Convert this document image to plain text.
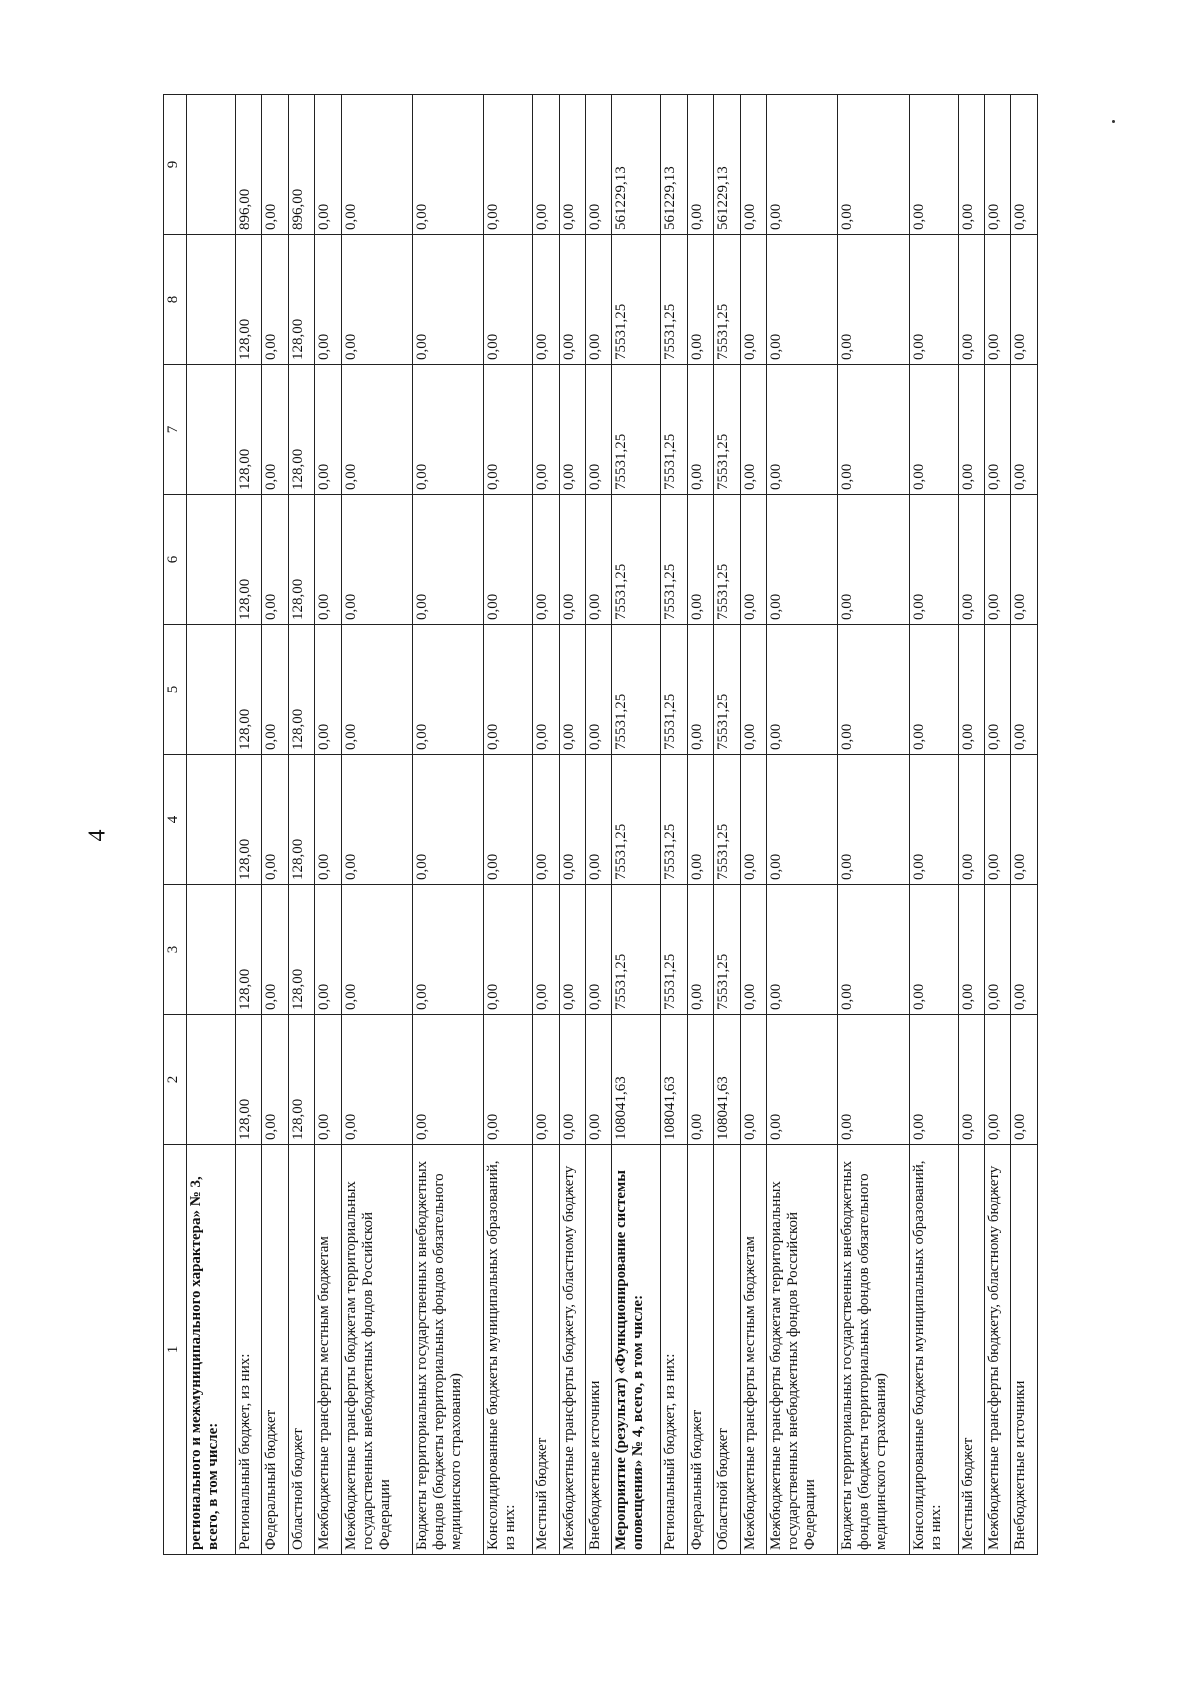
4
1	2	3	4	5	6	7	8	9
регионального и межмуниципального характера» № 3, всего, в том числе:								
Региональный бюджет, из них:	128,00	128,00	128,00	128,00	128,00	128,00	128,00	896,00
Федеральный бюджет	0,00	0,00	0,00	0,00	0,00	0,00	0,00	0,00
Областной бюджет	128,00	128,00	128,00	128,00	128,00	128,00	128,00	896,00
Межбюджетные трансферты местным бюджетам	0,00	0,00	0,00	0,00	0,00	0,00	0,00	0,00
Межбюджетные трансферты бюджетам территориальных государственных внебюджетных фондов Российской Федерации	0,00	0,00	0,00	0,00	0,00	0,00	0,00	0,00
Бюджеты территориальных государственных внебюджетных фондов (бюджеты территориальных фондов обязательного медицинского страхования)	0,00	0,00	0,00	0,00	0,00	0,00	0,00	0,00
Консолидированные бюджеты муниципальных образований, из них:	0,00	0,00	0,00	0,00	0,00	0,00	0,00	0,00
Местный бюджет	0,00	0,00	0,00	0,00	0,00	0,00	0,00	0,00
Межбюджетные трансферты бюджету, областному бюджету	0,00	0,00	0,00	0,00	0,00	0,00	0,00	0,00
Внебюджетные источники	0,00	0,00	0,00	0,00	0,00	0,00	0,00	0,00
Мероприятие (результат) «Функционирование системы оповещения» № 4, всего, в том числе:	108041,63	75531,25	75531,25	75531,25	75531,25	75531,25	75531,25	561229,13
Региональный бюджет, из них:	108041,63	75531,25	75531,25	75531,25	75531,25	75531,25	75531,25	561229,13
Федеральный бюджет	0,00	0,00	0,00	0,00	0,00	0,00	0,00	0,00
Областной бюджет	108041,63	75531,25	75531,25	75531,25	75531,25	75531,25	75531,25	561229,13
Межбюджетные трансферты местным бюджетам	0,00	0,00	0,00	0,00	0,00	0,00	0,00	0,00
Межбюджетные трансферты бюджетам территориальных государственных внебюджетных фондов Российской Федерации	0,00	0,00	0,00	0,00	0,00	0,00	0,00	0,00
Бюджеты территориальных государственных внебюджетных фондов (бюджеты территориальных фондов обязательного медицинского страхования)	0,00	0,00	0,00	0,00	0,00	0,00	0,00	0,00
Консолидированные бюджеты муниципальных образований, из них:	0,00	0,00	0,00	0,00	0,00	0,00	0,00	0,00
Местный бюджет	0,00	0,00	0,00	0,00	0,00	0,00	0,00	0,00
Межбюджетные трансферты бюджету, областному бюджету	0,00	0,00	0,00	0,00	0,00	0,00	0,00	0,00
Внебюджетные источники	0,00	0,00	0,00	0,00	0,00	0,00	0,00	0,00
